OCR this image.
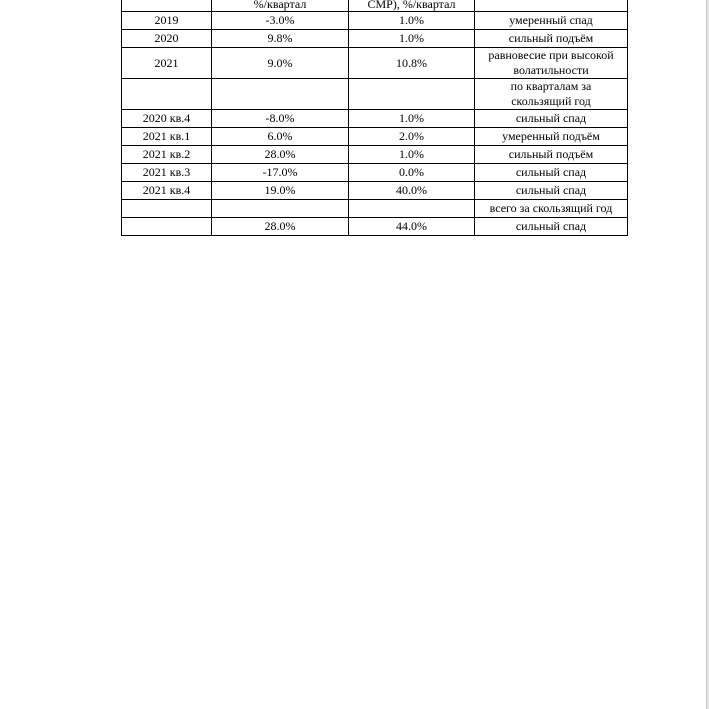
	%/квартал	СМР), %/квартал	
2019	-3.0%	1.0%	умеренный спад
2020	9.8%	1.0%	сильный подъём
2021	9.0%	10.8%	равновесие при высокой
волатильности
			по кварталам за
скользящий год
2020 кв.4	-8.0%	1.0%	сильный спад
2021 кв.1	6.0%	2.0%	умеренный подъём
2021 кв.2	28.0%	1.0%	сильный подъём
2021 кв.3	-17.0%	0.0%	сильный спад
2021 кв.4	19.0%	40.0%	сильный спад
			всего за скользящий год
	28.0%	44.0%	сильный спад
